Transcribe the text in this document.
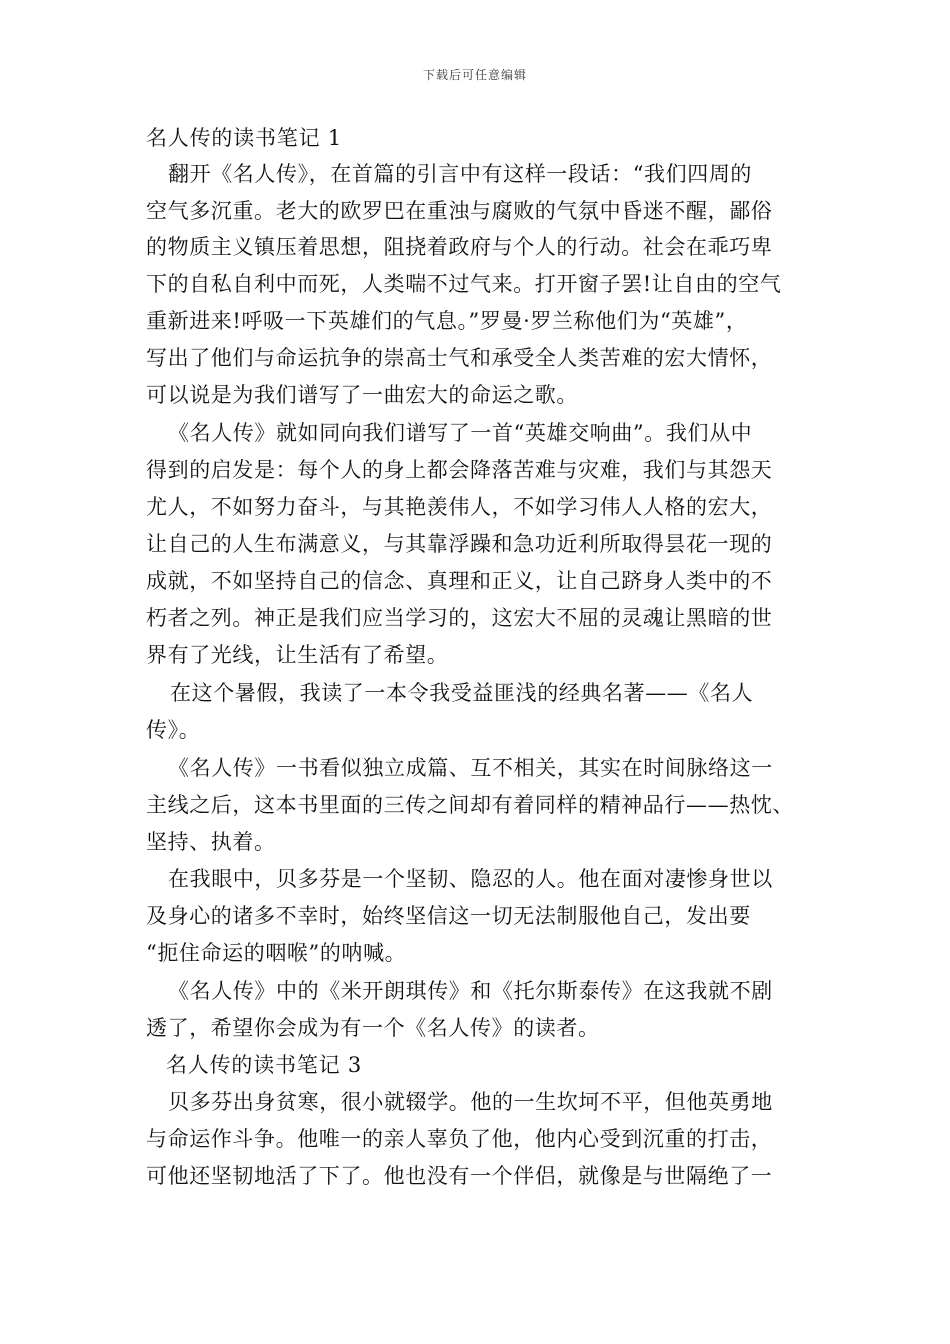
下载后可任意编辑
名人传的读书笔记 1
翻开《名人传》，在首篇的引言中有这样一段话：“我们四周的
空气多沉重。老大的欧罗巴在重浊与腐败的气氛中昏迷不醒，鄙俗
的物质主义镇压着思想，阻挠着政府与个人的行动。社会在乖巧卑
下的自私自利中而死，人类喘不过气来。打开窗子罢!让自由的空气
重新进来!呼吸一下英雄们的气息。”罗曼·罗兰称他们为“英雄”，
写出了他们与命运抗争的崇高士气和承受全人类苦难的宏大情怀，
可以说是为我们谱写了一曲宏大的命运之歌。
《名人传》就如同向我们谱写了一首“英雄交响曲”。我们从中
得到的启发是：每个人的身上都会降落苦难与灾难，我们与其怨天
尤人，不如努力奋斗，与其艳羡伟人，不如学习伟人人格的宏大，
让自己的人生布满意义，与其靠浮躁和急功近利所取得昙花一现的
成就，不如坚持自己的信念、真理和正义，让自己跻身人类中的不
朽者之列。神正是我们应当学习的，这宏大不屈的灵魂让黑暗的世
界有了光线，让生活有了希望。
在这个暑假，我读了一本令我受益匪浅的经典名著——《名人
传》。
《名人传》一书看似独立成篇、互不相关，其实在时间脉络这一
主线之后，这本书里面的三传之间却有着同样的精神品行——热忱、
坚持、执着。
在我眼中，贝多芬是一个坚韧、隐忍的人。他在面对凄惨身世以
及身心的诸多不幸时，始终坚信这一切无法制服他自己，发出要
“扼住命运的咽喉”的呐喊。
《名人传》中的《米开朗琪传》和《托尔斯泰传》在这我就不剧
透了，希望你会成为有一个《名人传》的读者。
名人传的读书笔记 3
贝多芬出身贫寒，很小就辍学。他的一生坎坷不平，但他英勇地
与命运作斗争。他唯一的亲人辜负了他，他内心受到沉重的打击，
可他还坚韧地活了下了。他也没有一个伴侣，就像是与世隔绝了一
